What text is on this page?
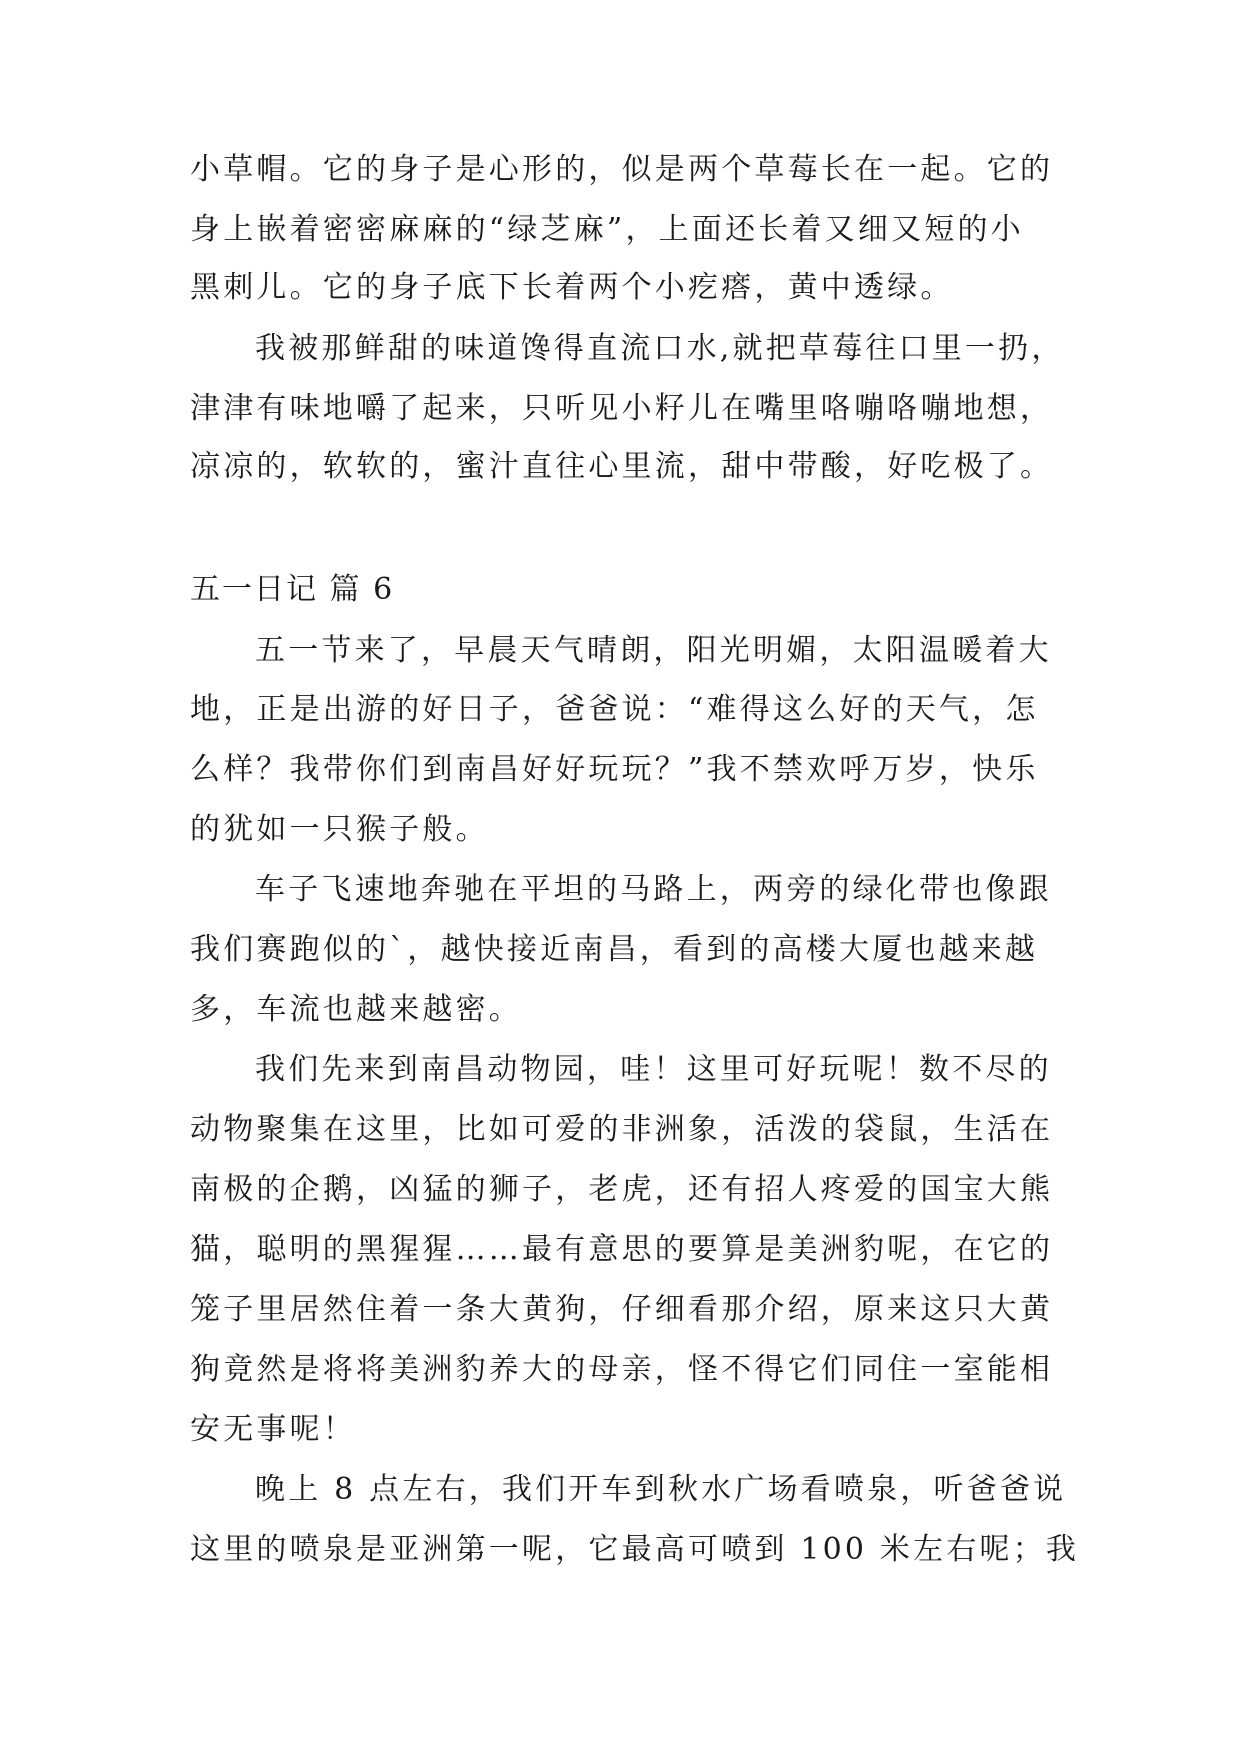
小草帽。它的身子是心形的，似是两个草莓长在一起。它的
身上嵌着密密麻麻的“绿芝麻”，上面还长着又细又短的小
黑刺儿。它的身子底下长着两个小疙瘩，黄中透绿。
我被那鲜甜的味道馋得直流口水,就把草莓往口里一扔，
津津有味地嚼了起来，只听见小籽儿在嘴里咯嘣咯嘣地想，
凉凉的，软软的，蜜汁直往心里流，甜中带酸，好吃极了。
五一日记 篇 6
五一节来了，早晨天气晴朗，阳光明媚，太阳温暖着大
地，正是出游的好日子，爸爸说：“难得这么好的天气，怎
么样？我带你们到南昌好好玩玩？”我不禁欢呼万岁，快乐
的犹如一只猴子般。
车子飞速地奔驰在平坦的马路上，两旁的绿化带也像跟
我们赛跑似的`，越快接近南昌，看到的高楼大厦也越来越
多，车流也越来越密。
我们先来到南昌动物园，哇！这里可好玩呢！数不尽的
动物聚集在这里，比如可爱的非洲象，活泼的袋鼠，生活在
南极的企鹅，凶猛的狮子，老虎，还有招人疼爱的国宝大熊
猫，聪明的黑猩猩……最有意思的要算是美洲豹呢，在它的
笼子里居然住着一条大黄狗，仔细看那介绍，原来这只大黄
狗竟然是将将美洲豹养大的母亲，怪不得它们同住一室能相
安无事呢！
晚上 8 点左右，我们开车到秋水广场看喷泉，听爸爸说
这里的喷泉是亚洲第一呢，它最高可喷到 100 米左右呢；我
